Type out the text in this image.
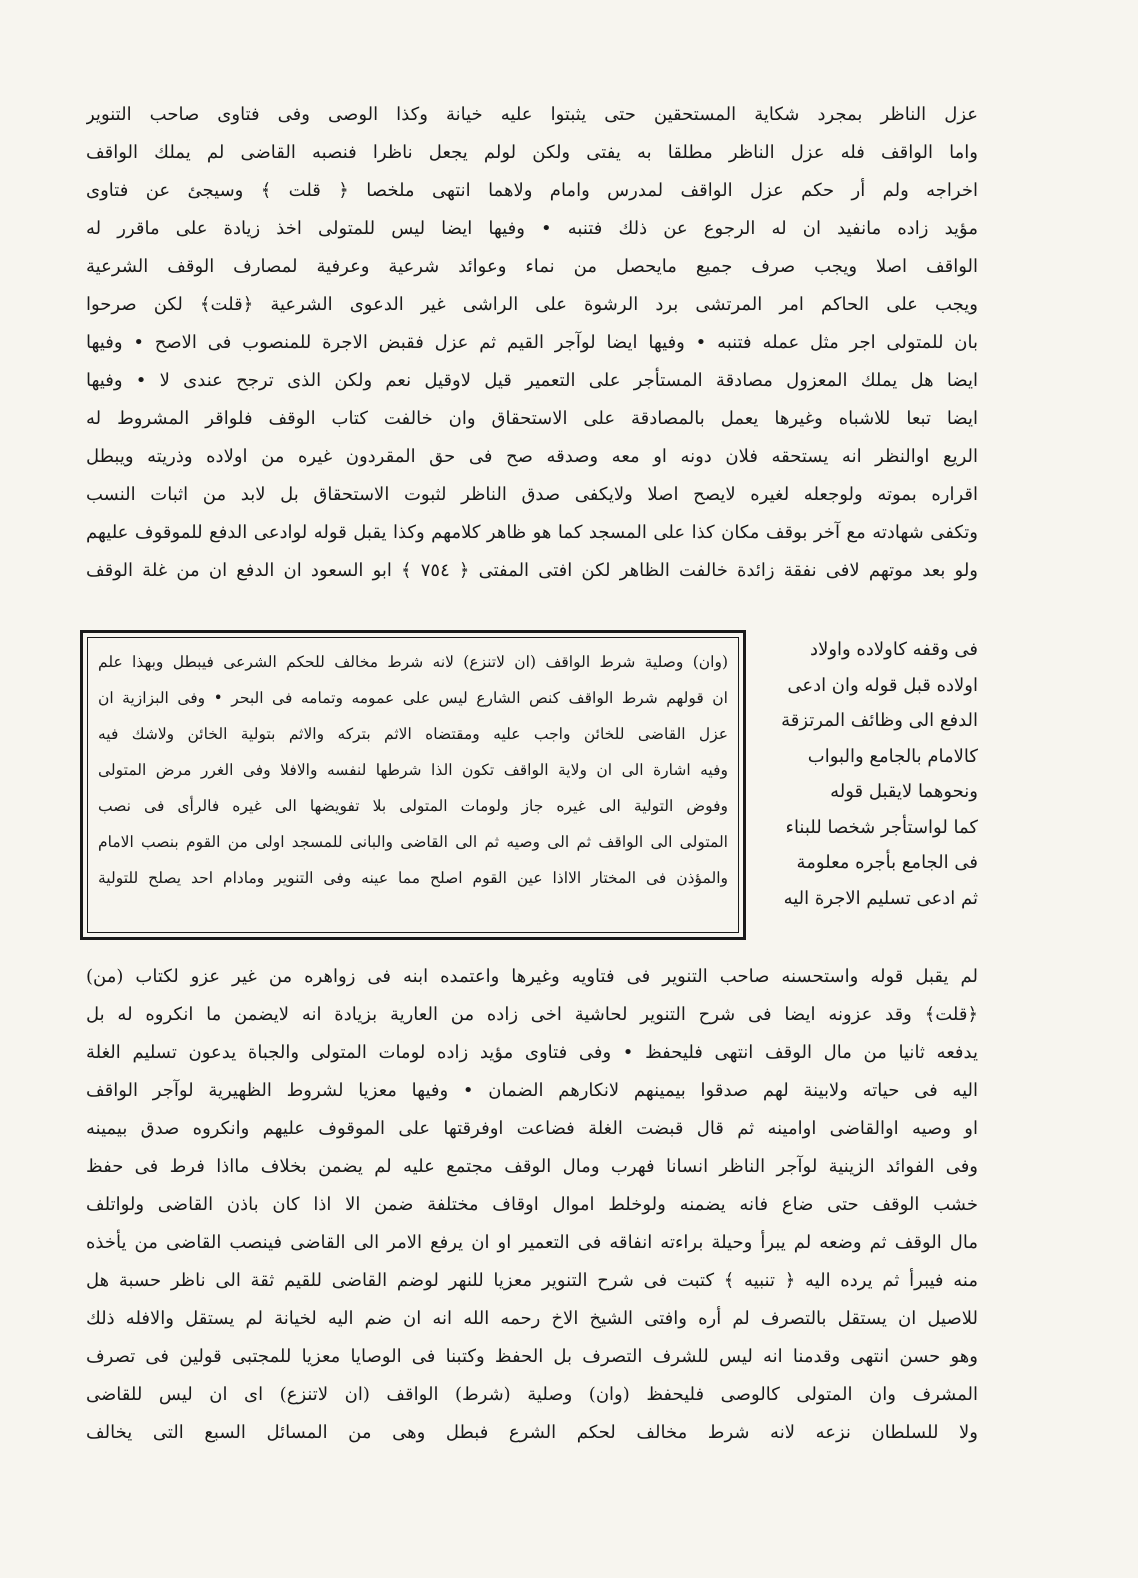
عزل الناظر بمجرد شكاية المستحقين حتى يثبتوا عليه خيانة وكذا الوصى وفى فتاوى صاحب التنوير
واما الواقف فله عزل الناظر مطلقا به يفتى ولكن لولم يجعل ناظرا فنصبه القاضى لم يملك الواقف
اخراجه ولم أر حكم عزل الواقف لمدرس وامام ولاهما انتهى ملخصا ﴿ قلت ﴾ وسيجئ عن فتاوى
مؤيد زاده مانفيد ان له الرجوع عن ذلك فتنبه • وفيها ايضا ليس للمتولى اخذ زيادة على ماقرر له
الواقف اصلا ويجب صرف جميع مايحصل من نماء وعوائد شرعية وعرفية لمصارف الوقف الشرعية
ويجب على الحاكم امر المرتشى برد الرشوة على الراشى غير الدعوى الشرعية ﴿قلت﴾ لكن صرحوا
بان للمتولى اجر مثل عمله فتنبه • وفيها ايضا لوآجر القيم ثم عزل فقبض الاجرة للمنصوب فى الاصح • وفيها
ايضا هل يملك المعزول مصادقة المستأجر على التعمير قيل لاوقيل نعم ولكن الذى ترجح عندى لا • وفيها
ايضا تبعا للاشباه وغيرها يعمل بالمصادقة على الاستحقاق وان خالفت كتاب الوقف فلواقر المشروط له
الريع اوالنظر انه يستحقه فلان دونه او معه وصدقه صح فى حق المقردون غيره من اولاده وذريته ويبطل
اقراره بموته ولوجعله لغيره لايصح اصلا ولايكفى صدق الناظر لثبوت الاستحقاق بل لابد من اثبات النسب
وتكفى شهادته مع آخر بوقف مكان كذا على المسجد كما هو ظاهر كلامهم وكذا يقبل قوله لوادعى الدفع للموقوف عليهم
ولو بعد موتهم لافى نفقة زائدة خالفت الظاهر لكن افتى المفتى ﴿ ٧٥٤ ﴾ ابو السعود ان الدفع ان من غلة الوقف
فى وقفه كاولاده واولاد
اولاده قبل قوله وان ادعى
الدفع الى وظائف المرتزقة
كالامام بالجامع والبواب
ونحوهما لايقبل قوله
كما لواستأجر شخصا للبناء
فى الجامع بأجره معلومة
ثم ادعى تسليم الاجرة اليه
(وان) وصلية شرط الواقف (ان لاتنزع) لانه شرط مخالف للحكم الشرعى فيبطل وبهذا علم
ان قولهم شرط الواقف كنص الشارع ليس على عمومه وتمامه فى البحر • وفى البزازية ان
عزل القاضى للخائن واجب عليه ومقتضاه الاثم بتركه والاثم بتولية الخائن ولاشك فيه
وفيه اشارة الى ان ولاية الواقف تكون الذا شرطها لنفسه والافلا وفى الغرر مرض المتولى
وفوض التولية الى غيره جاز ولومات المتولى بلا تفويضها الى غيره فالرأى فى نصب
المتولى الى الواقف ثم الى وصيه ثم الى القاضى والبانى للمسجد اولى من القوم بنصب الامام
والمؤذن فى المختار الااذا عين القوم اصلح مما عينه وفى التنوير ومادام احد يصلح للتولية
لم يقبل قوله واستحسنه صاحب التنوير فى فتاويه وغيرها واعتمده ابنه فى زواهره من غير عزو لكتاب (من)
﴿قلت﴾ وقد عزونه ايضا فى شرح التنوير لحاشية اخى زاده من العارية بزيادة انه لايضمن ما انكروه له بل
يدفعه ثانيا من مال الوقف انتهى فليحفظ • وفى فتاوى مؤيد زاده لومات المتولى والجباة يدعون تسليم الغلة
اليه فى حياته ولابينة لهم صدقوا بيمينهم لانكارهم الضمان • وفيها معزيا لشروط الظهيرية لوآجر الواقف
او وصيه اوالقاضى اوامينه ثم قال قبضت الغلة فضاعت اوفرقتها على الموقوف عليهم وانكروه صدق بيمينه
وفى الفوائد الزينية لوآجر الناظر انسانا فهرب ومال الوقف مجتمع عليه لم يضمن بخلاف مااذا فرط فى حفظ
خشب الوقف حتى ضاع فانه يضمنه ولوخلط اموال اوقاف مختلفة ضمن الا اذا كان باذن القاضى ولواتلف
مال الوقف ثم وضعه لم يبرأ وحيلة براءته انفاقه فى التعمير او ان يرفع الامر الى القاضى فينصب القاضى من يأخذه
منه فيبرأ ثم يرده اليه ﴿ تنبيه ﴾ كتبت فى شرح التنوير معزيا للنهر لوضم القاضى للقيم ثقة الى ناظر حسبة هل
للاصيل ان يستقل بالتصرف لم أره وافتى الشيخ الاخ رحمه الله انه ان ضم اليه لخيانة لم يستقل والافله ذلك
وهو حسن انتهى وقدمنا انه ليس للشرف التصرف بل الحفظ وكتبنا فى الوصايا معزيا للمجتبى قولين فى تصرف
المشرف وان المتولى كالوصى فليحفظ (وان) وصلية (شرط) الواقف (ان لاتنزع) اى ان ليس للقاضى
ولا للسلطان نزعه لانه شرط مخالف لحكم الشرع فبطل وهى من المسائل السبع التى يخالف
